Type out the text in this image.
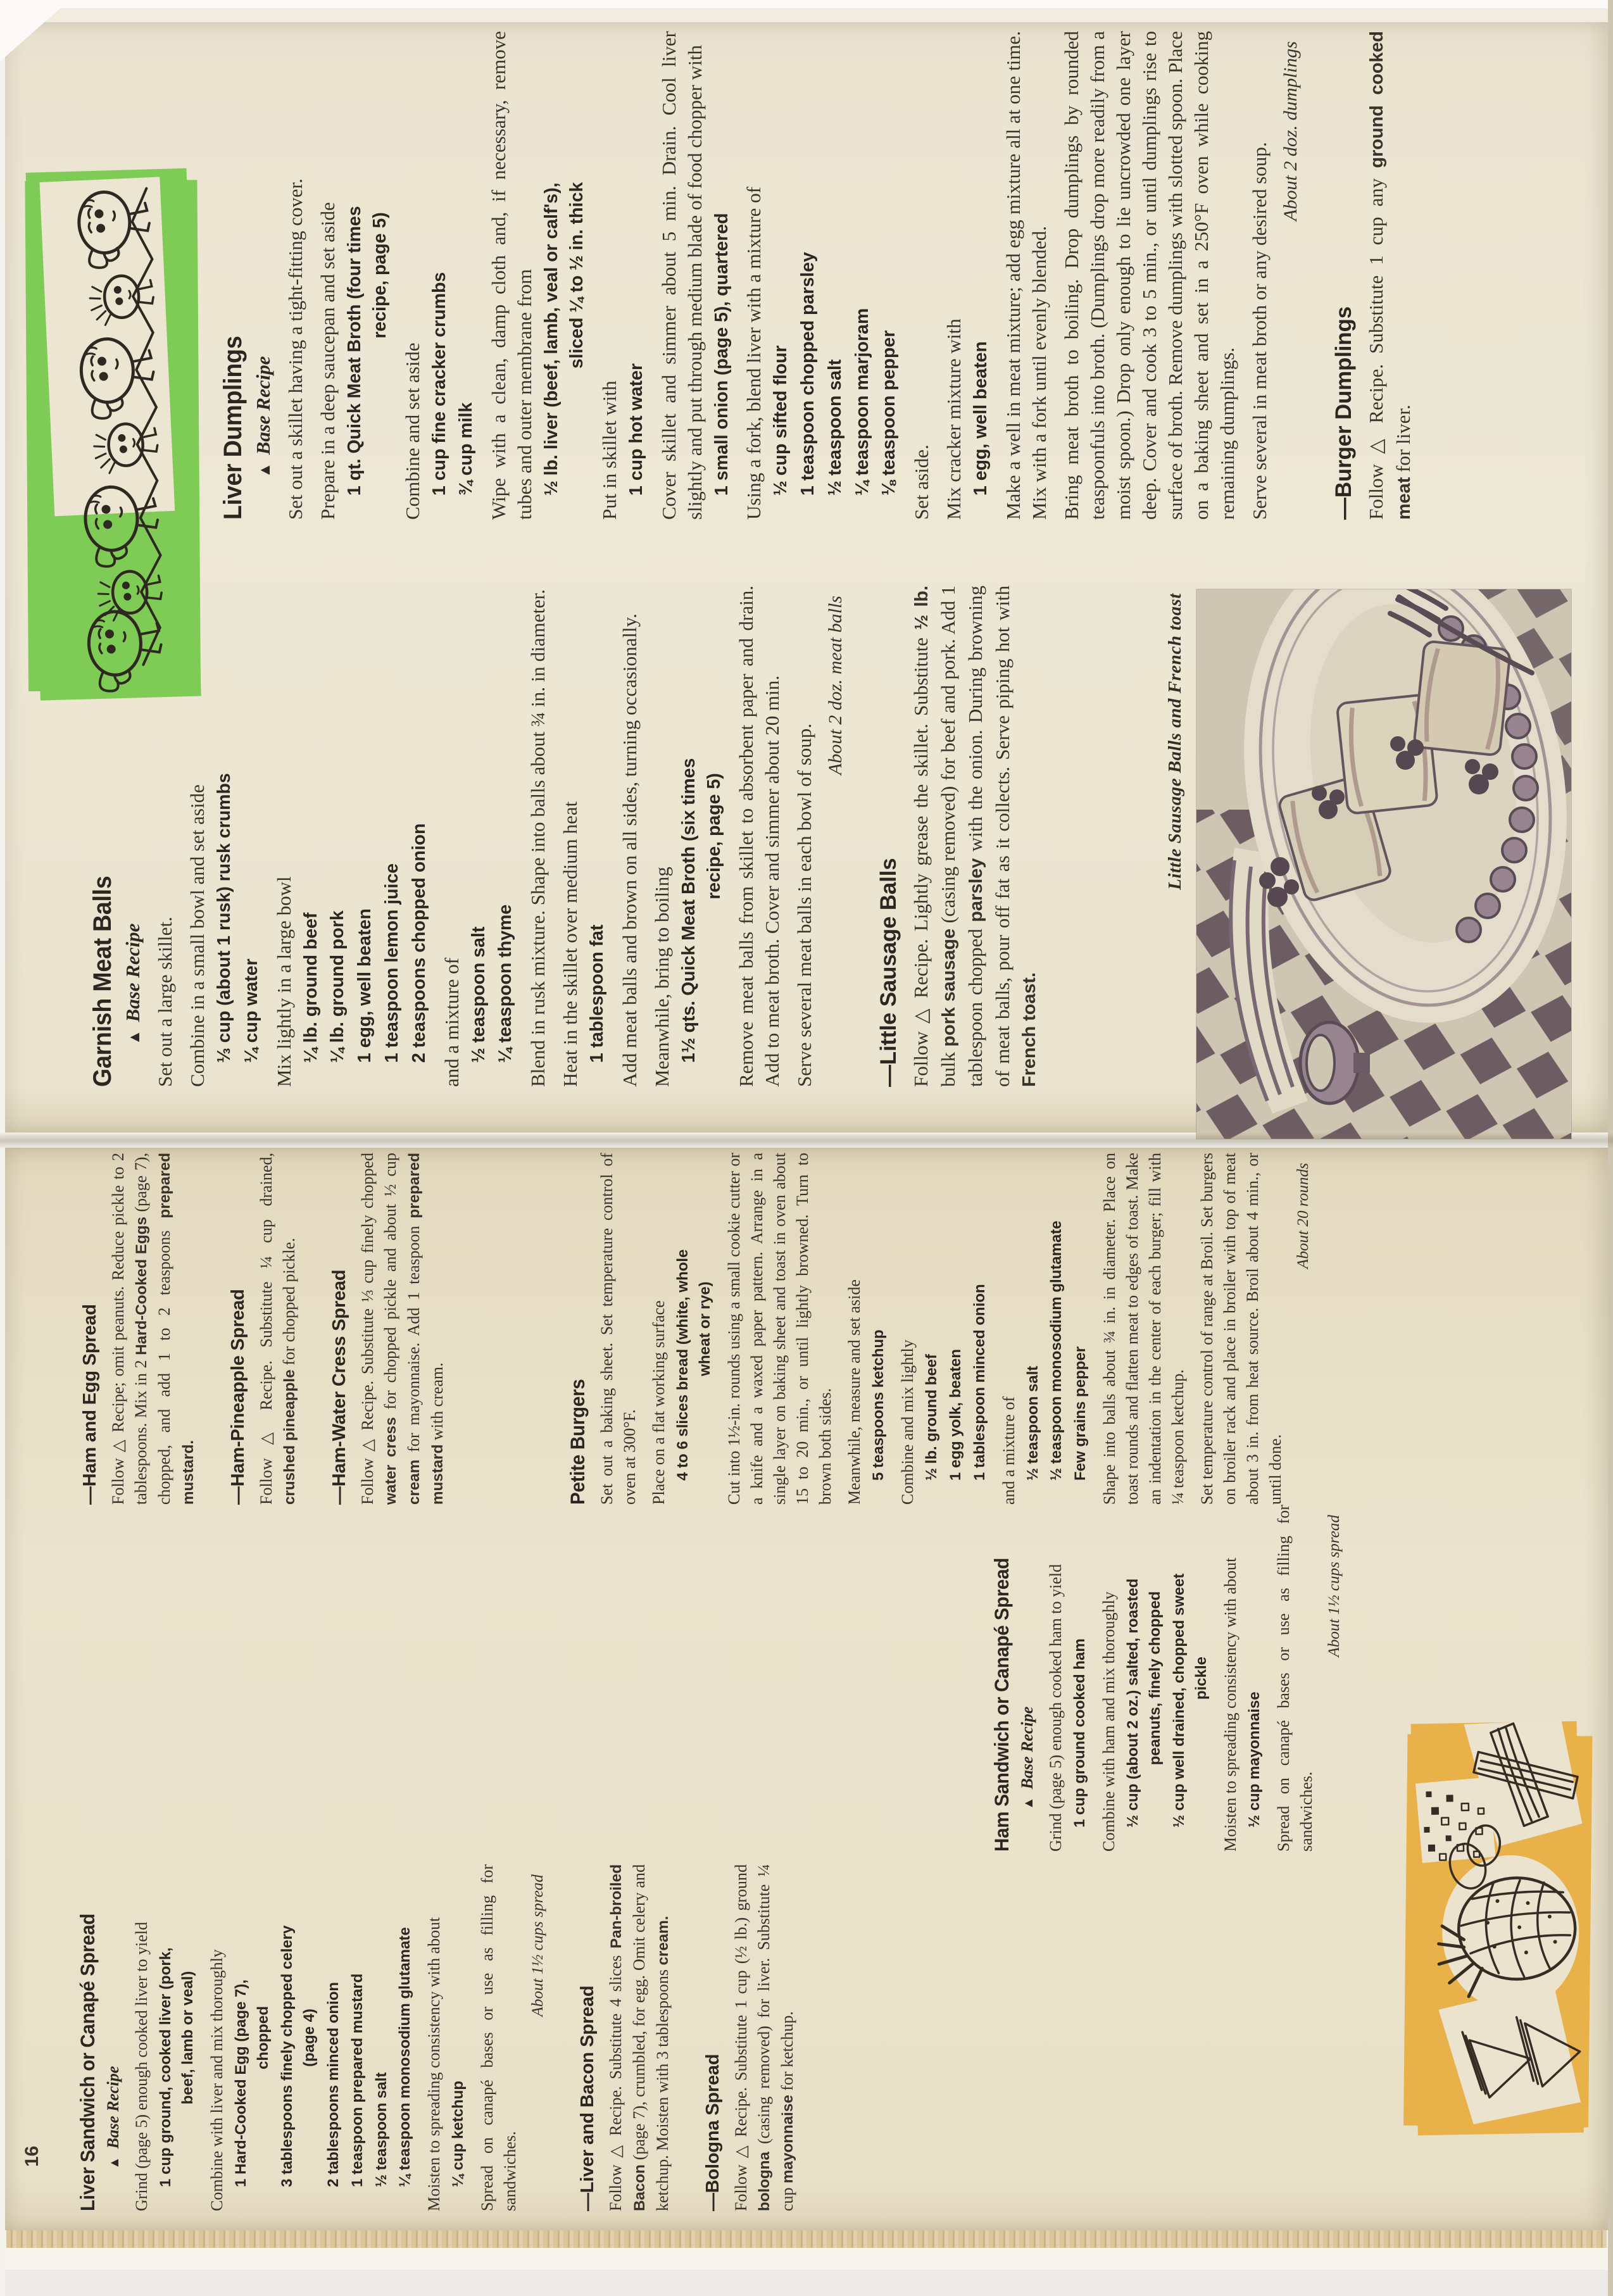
16 Liver Sandwich or Canapé Spread ▲Base Recipe Grind (page 5) enough cooked liver to yield 1 cup ground, cooked liver (pork, beef, lamb or veal) Combine with liver and mix thoroughly 1 Hard-Cooked Egg (page 7), chopped 3 tablespoons finely chopped celery (page 4) 2 tablespoons minced onion 1 teaspoon prepared mustard ½ teaspoon salt ¼ teaspoon monosodium glutamate Moisten to spreading consistency with about ¼ cup ketchup Spread on canapé bases or use as filling for sandwiches.
About 1½ cups spread
—Liver and Bacon Spread Follow △ Recipe. Substitute 4 slices Pan-broiled Bacon (page 7), crumbled, for egg. Omit celery and ketchup. Moisten with 3 tablespoons cream.
—Bologna Spread Follow △ Recipe. Substitute 1 cup (½ lb.) ground bologna (casing removed) for liver. Substitute ¼ cup mayonnaise for ketchup.
Ham Sandwich or Canapé Spread ▲Base Recipe Grind (page 5) enough cooked ham to yield 1 cup ground cooked ham Combine with ham and mix thoroughly ½ cup (about 2 oz.) salted, roasted peanuts, finely chopped ½ cup well drained, chopped sweet pickle Moisten to spreading consistency with about ½ cup mayonnaise Spread on canapé bases or use as filling for sandwiches.
About 1½ cups spread
—Ham and Egg Spread Follow △ Recipe; omit peanuts. Reduce pickle to 2 tablespoons. Mix in 2 Hard-Cooked Eggs (page 7), chopped, and add 1 to 2 teaspoons prepared mustard. —Ham-Pineapple Spread Follow △ Recipe. Substitute ¼ cup drained, crushed pineapple for chopped pickle. —Ham-Water Cress Spread Follow △ Recipe. Substitute ⅓ cup finely chopped water cress for chopped pickle and about ½ cup cream for mayonnaise. Add 1 teaspoon prepared mustard with cream.	Petite Burgers Set out a baking sheet. Set temperature control of oven at 300°F. Place on a flat working surface 4 to 6 slices bread (white, whole wheat or rye) Cut into 1½-in. rounds using a small cookie cutter or a knife and a waxed paper pattern. Arrange in a single layer on baking sheet and toast in oven about 15 to 20 min., or until lightly browned. Turn to brown both sides. Meanwhile, measure and set aside 5 teaspoons ketchup Combine and mix lightly ½ lb. ground beef 1 egg yolk, beaten 1 tablespoon minced onion and a mixture of ½ teaspoon salt ½ teaspoon monosodium glutamate Few grains pepper Shape into balls about ¾ in. in diameter. Place on toast rounds and flatten meat to edges of toast. Make an indentation in the center of each burger; fill with ¼ teaspoon ketchup. Set temperature control of range at Broil. Set burgers on broiler rack and place in broiler with top of meat about 3 in. from heat source. Broil about 4 min., or until done.
About 20 rounds
Garnish Meat Balls ▲Base Recipe Set out a large skillet. Combine in a small bowl and set aside ⅓ cup (about 1 rusk) rusk crumbs ¼ cup water Mix lightly in a large bowl ¼ lb. ground beef ¼ lb. ground pork 1 egg, well beaten 1 teaspoon lemon juice 2 teaspoons chopped onion and a mixture of ½ teaspoon salt ¼ teaspoon thyme Blend in rusk mixture. Shape into balls about ¾ in. in diameter. Heat in the skillet over medium heat 1 tablespoon fat Add meat balls and brown on all sides, turning occasionally. Meanwhile, bring to boiling 1½ qts. Quick Meat Broth (six times recipe, page 5) Remove meat balls from skillet to absorbent paper and drain. Add to meat broth. Cover and simmer about 20 min. Serve several meat balls in each bowl of soup.
About 2 doz. meat balls
—Little Sausage Balls Follow △ Recipe. Lightly grease the skillet. Substitute ½ lb. bulk pork sausage (casing removed) for beef and pork. Add 1 tablespoon chopped parsley with the onion. During browning of meat balls, pour off fat as it collects. Serve piping hot with French toast.
Liver Dumplings ▲Base Recipe Set out a skillet having a tight-fitting cover. Prepare in a deep saucepan and set aside 1 qt. Quick Meat Broth (four times recipe, page 5)
Combine and set aside 1 cup fine cracker crumbs ¾ cup milk Wipe with a clean, damp cloth and, if necessary, remove tubes and outer membrane from ½ lb. liver (beef, lamb, veal or calf's), sliced ¼ to ½ in. thick
Put in skillet with 1 cup hot water Cover skillet and simmer about 5 min. Drain. Cool liver slightly and put through medium blade of food chopper with 1 small onion (page 5), quartered Using a fork, blend liver with a mixture of ½ cup sifted flour 1 teaspoon chopped parsley ½ teaspoon salt ¼ teaspoon marjoram ⅛ teaspoon pepper Set aside. Mix cracker mixture with 1 egg, well beaten Make a well in meat mixture; add egg mixture all at one time. Mix with a fork until evenly blended. Bring meat broth to boiling. Drop dumplings by rounded teaspoonfuls into broth. (Dumplings drop more readily from a moist spoon.) Drop only enough to lie uncrowded one layer deep. Cover and cook 3 to 5 min., or until dumplings rise to surface of broth. Remove dumplings with slotted spoon. Place on a baking sheet and set in a 250°F oven while cooking remaining dumplings. Serve several in meat broth or any desired soup.
About 2 doz. dumplings
—Burger Dumplings Follow △ Recipe. Substitute 1 cup any ground cooked meat for liver.
Little Sausage Balls and French toast
